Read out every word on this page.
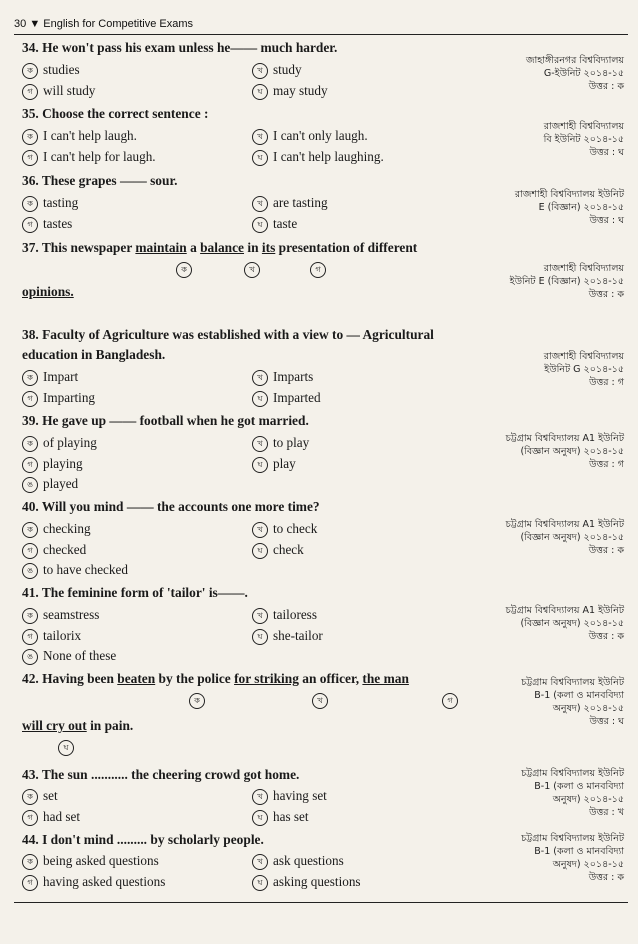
30 ▼ English for Competitive Exams
34. He won't pass his exam unless he—— much harder.
ক studies	খ study
গ will study	ঘ may study
জাহাঙ্গীরনগর বিশ্ববিদ্যালয়
G-ইউনিট ২০১৪-১৫
উত্তর : ক
35. Choose the correct sentence :
ক I can't help laugh.	খ I can't only laugh.
গ I can't help for laugh.	ঘ I can't help laughing.
রাজশাহী বিশ্ববিদ্যালয়
বি ইউনিট ২০১৪-১৫
উত্তর : ঘ
36. These grapes —— sour.
ক tasting	খ are tasting
গ tastes	ঘ taste
রাজশাহী বিশ্ববিদ্যালয় ইউনিট
E (বিজ্ঞান) ২০১৪-১৫
উত্তর : ঘ
37. This newspaper maintain a balance in its presentation of different
ক	খ	গ
opinions.
রাজশাহী বিশ্ববিদ্যালয়
ইউনিট E (বিজ্ঞান) ২০১৪-১৫
উত্তর : ক
38. Faculty of Agriculture was established with a view to — Agricultural
education in Bangladesh.
ক Impart	খ Imparts
গ Imparting	ঘ Imparted
রাজশাহী বিশ্ববিদ্যালয়
ইউনিট G ২০১৪-১৫
উত্তর : গ
39. He gave up —— football when he got married.
ক of playing	খ to play
গ playing	ঘ play
ঙ played
চট্টগ্রাম বিশ্ববিদ্যালয় A1 ইউনিট
(বিজ্ঞান অনুষদ) ২০১৪-১৫
উত্তর : গ
40. Will you mind —— the accounts one more time?
ক checking	খ to check
গ checked	ঘ check
ঙ to have checked
চট্টগ্রাম বিশ্ববিদ্যালয় A1 ইউনিট
(বিজ্ঞান অনুষদ) ২০১৪-১৫
উত্তর : ক
41. The feminine form of 'tailor' is——.
ক seamstress	খ tailoress
গ tailorix	ঘ she-tailor
ঙ None of these
চট্টগ্রাম বিশ্ববিদ্যালয় A1 ইউনিট
(বিজ্ঞান অনুষদ) ২০১৪-১৫
উত্তর : ক
42. Having been beaten by the police for striking an officer, the man
ক	খ	গ
will cry out in pain.
ঘ
চট্টগ্রাম বিশ্ববিদ্যালয় ইউনিট
B-1 (কলা ও মানববিদ্যা
অনুষদ) ২০১৪-১৫
উত্তর : ঘ
43. The sun ........... the cheering crowd got home.
ক set	খ having set
গ had set	ঘ has set
চট্টগ্রাম বিশ্ববিদ্যালয় ইউনিট
B-1 (কলা ও মানববিদ্যা
অনুষদ) ২০১৪-১৫
উত্তর : খ
44. I don't mind ......... by scholarly people.
ক being asked questions	খ ask questions
গ having asked questions	ঘ asking questions
চট্টগ্রাম বিশ্ববিদ্যালয় ইউনিট
B-1 (কলা ও মানববিদ্যা
অনুষদ) ২০১৪-১৫
উত্তর : ক
